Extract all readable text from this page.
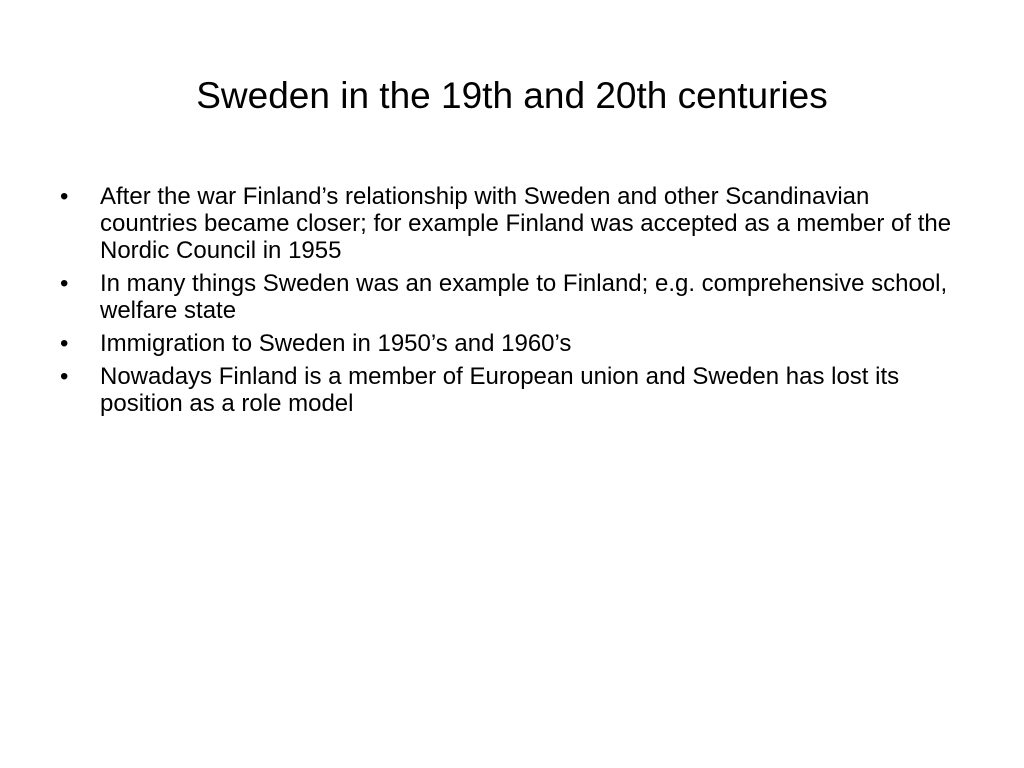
Sweden in the 19th and 20th centuries
•	After the war Finland’s relationship with Sweden and other Scandinavian countries became closer; for example Finland was accepted as a member of the Nordic Council in 1955
•	In many things Sweden was an example to Finland; e.g. comprehensive school, welfare state
•	Immigration to Sweden in 1950’s and 1960’s
•	Nowadays Finland is a member of European union and Sweden has lost its position as a role model
